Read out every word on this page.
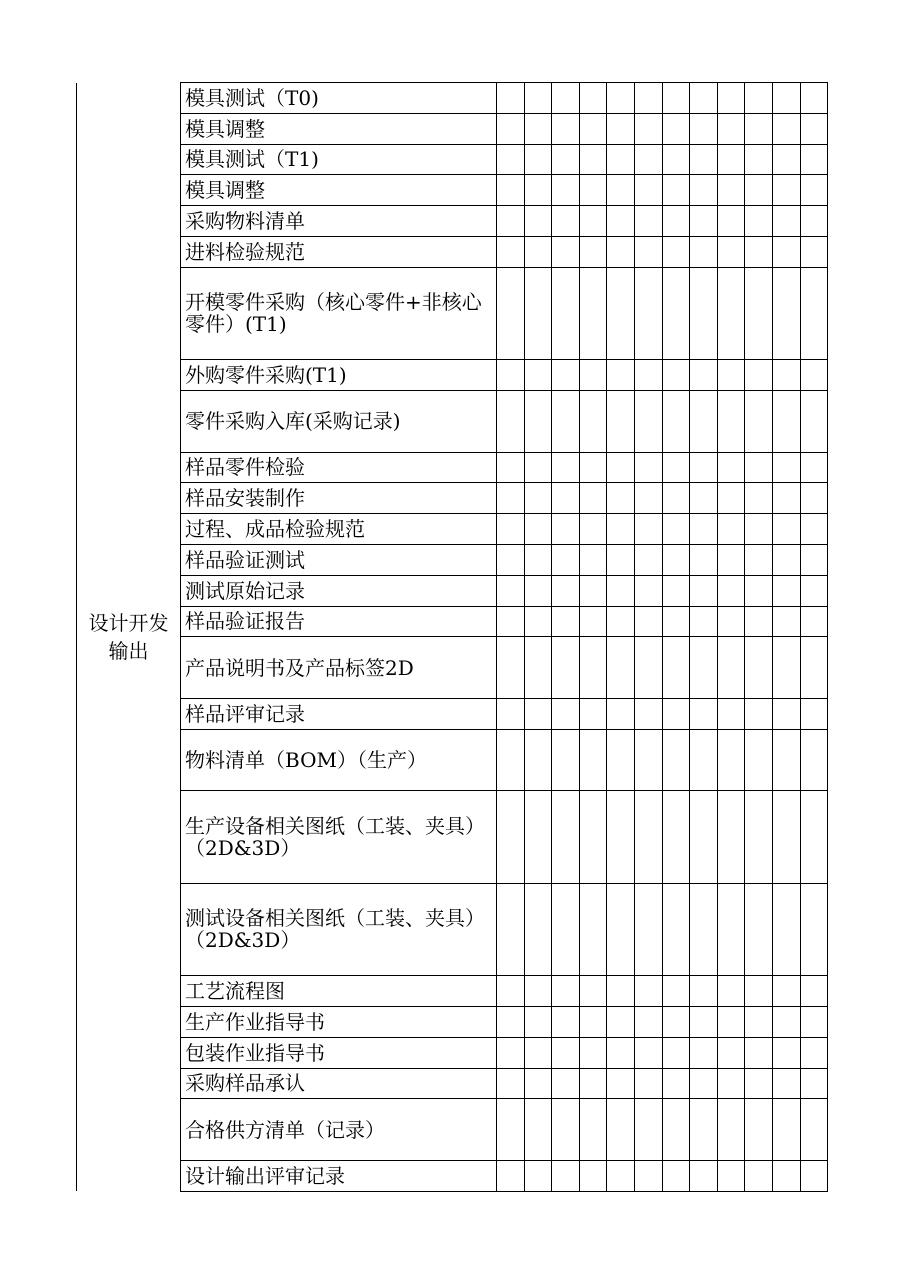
设计开发
输出	模具测试（T0)												
	模具调整												
	模具测试（T1)												
	模具调整												
	采购物料清单												
	进料检验规范												
	开模零件采购（核心零件+非核心零件）(T1)												
	外购零件采购(T1)												
	零件采购入库(采购记录)												
	样品零件检验												
	样品安装制作												
	过程、成品检验规范												
	样品验证测试												
	测试原始记录												
	样品验证报告												
	产品说明书及产品标签2D												
	样品评审记录												
	物料清单（BOM）（生产）												
	生产设备相关图纸（工装、夹具）（2D&3D）												
	测试设备相关图纸（工装、夹具）（2D&3D）												
	工艺流程图												
	生产作业指导书												
	包装作业指导书												
	采购样品承认												
	合格供方清单（记录）												
	设计输出评审记录												
